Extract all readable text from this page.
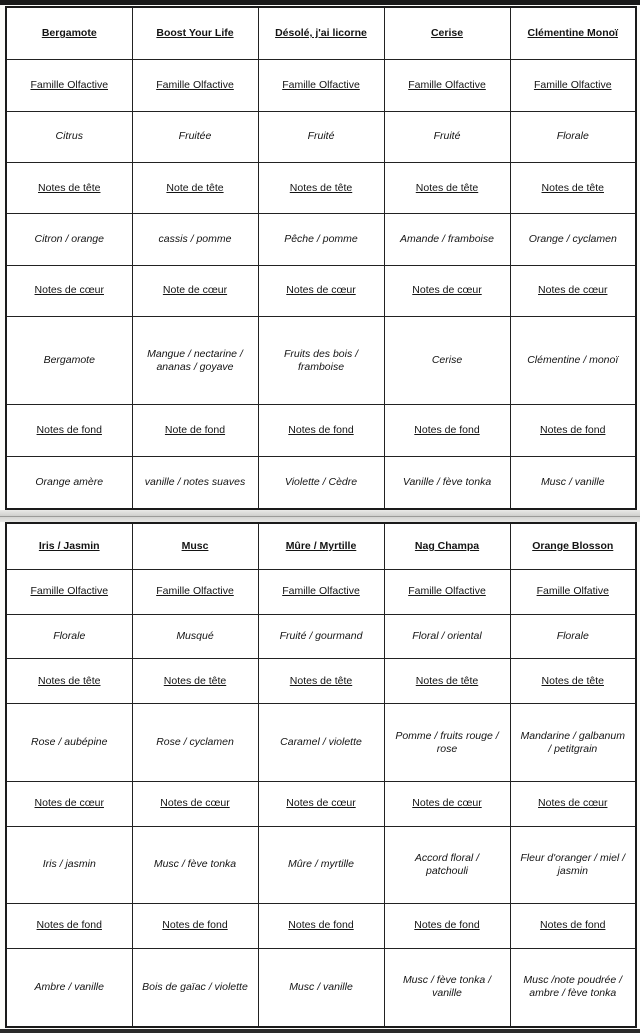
Bergamote	Boost Your Life	Désolé, j'ai licorne	Cerise	Clémentine Monoï
Famille Olfactive	Famille Olfactive	Famille Olfactive	Famille Olfactive	Famille Olfactive
Citrus	Fruitée	Fruité	Fruité	Florale
Notes de tête	Note de tête	Notes de tête	Notes de tête	Notes de tête
Citron / orange	cassis / pomme	Pêche / pomme	Amande / framboise	Orange / cyclamen
Notes de cœur	Note de cœur	Notes de cœur	Notes de cœur	Notes de cœur
Bergamote	Mangue / nectarine / ananas / goyave	Fruits des bois / framboise	Cerise	Clémentine / monoï
Notes de fond	Note de fond	Notes de fond	Notes de fond	Notes de fond
Orange amère	vanille / notes suaves	Violette / Cèdre	Vanille / fève tonka	Musc / vanille
Iris / Jasmin	Musc	Mûre / Myrtille	Nag Champa	Orange Blosson
Famille Olfactive	Famille Olfactive	Famille Olfactive	Famille Olfactive	Famille Olfative
Florale	Musqué	Fruité / gourmand	Floral / oriental	Florale
Notes de tête	Notes de tête	Notes de tête	Notes de tête	Notes de tête
Rose / aubépine	Rose / cyclamen	Caramel / violette	Pomme / fruits rouge / rose	Mandarine / galbanum / petitgrain
Notes de cœur	Notes de cœur	Notes de cœur	Notes de cœur	Notes de cœur
Iris / jasmin	Musc / fève tonka	Mûre / myrtille	Accord floral / patchouli	Fleur d'oranger / miel / jasmin
Notes de fond	Notes de fond	Notes de fond	Notes de fond	Notes de fond
Ambre / vanille	Bois de gaïac / violette	Musc / vanille	Musc / fève tonka / vanille	Musc /note poudrée / ambre / fève tonka
